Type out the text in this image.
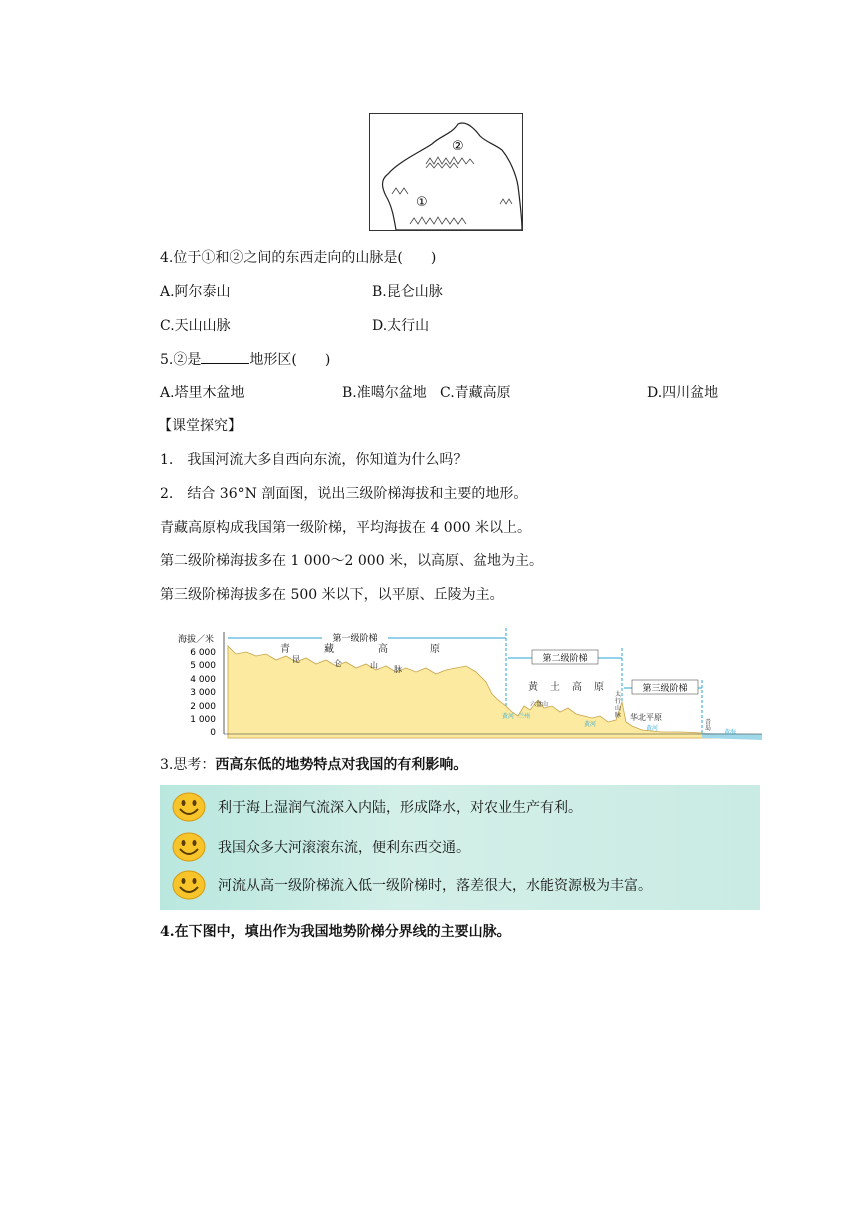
②
①
4.位于①和②之间的东西走向的山脉是(　　)
A.阿尔泰山	B.昆仑山脉
C.天山山脉	D.太行山
5.②是	地形区(　　)
A.塔里木盆地	B.准噶尔盆地 C.青藏高原	D.四川盆地
【课堂探究】
1.　我国河流大多自西向东流，你知道为什么吗？
2.　结合 36°N 剖面图，说出三级阶梯海拔和主要的地形。
青藏高原构成我国第一级阶梯，平均海拔在 4 000 米以上。
第二级阶梯海拔多在 1 000～2 000 米，以高原、盆地为主。
第三级阶梯海拔多在 500 米以下，以平原、丘陵为主。
海拔／米
6 000
5 000
4 000
3 000
2 000
1 000
0
第一级阶梯
第二级阶梯
第三级阶梯
青	藏	高	原
昆	仑	山 脉
黄 土 高 原
六盘山
太
行
山
脉 华北平原
黄河 兰州
黄河
黄河
黄海
青
岛
3.思考：西高东低的地势特点对我国的有利影响。
利于海上湿润气流深入内陆，形成降水，对农业生产有利。
我国众多大河滚滚东流，便利东西交通。
河流从高一级阶梯流入低一级阶梯时，落差很大，水能资源极为丰富。
4.在下图中，填出作为我国地势阶梯分界线的主要山脉。
